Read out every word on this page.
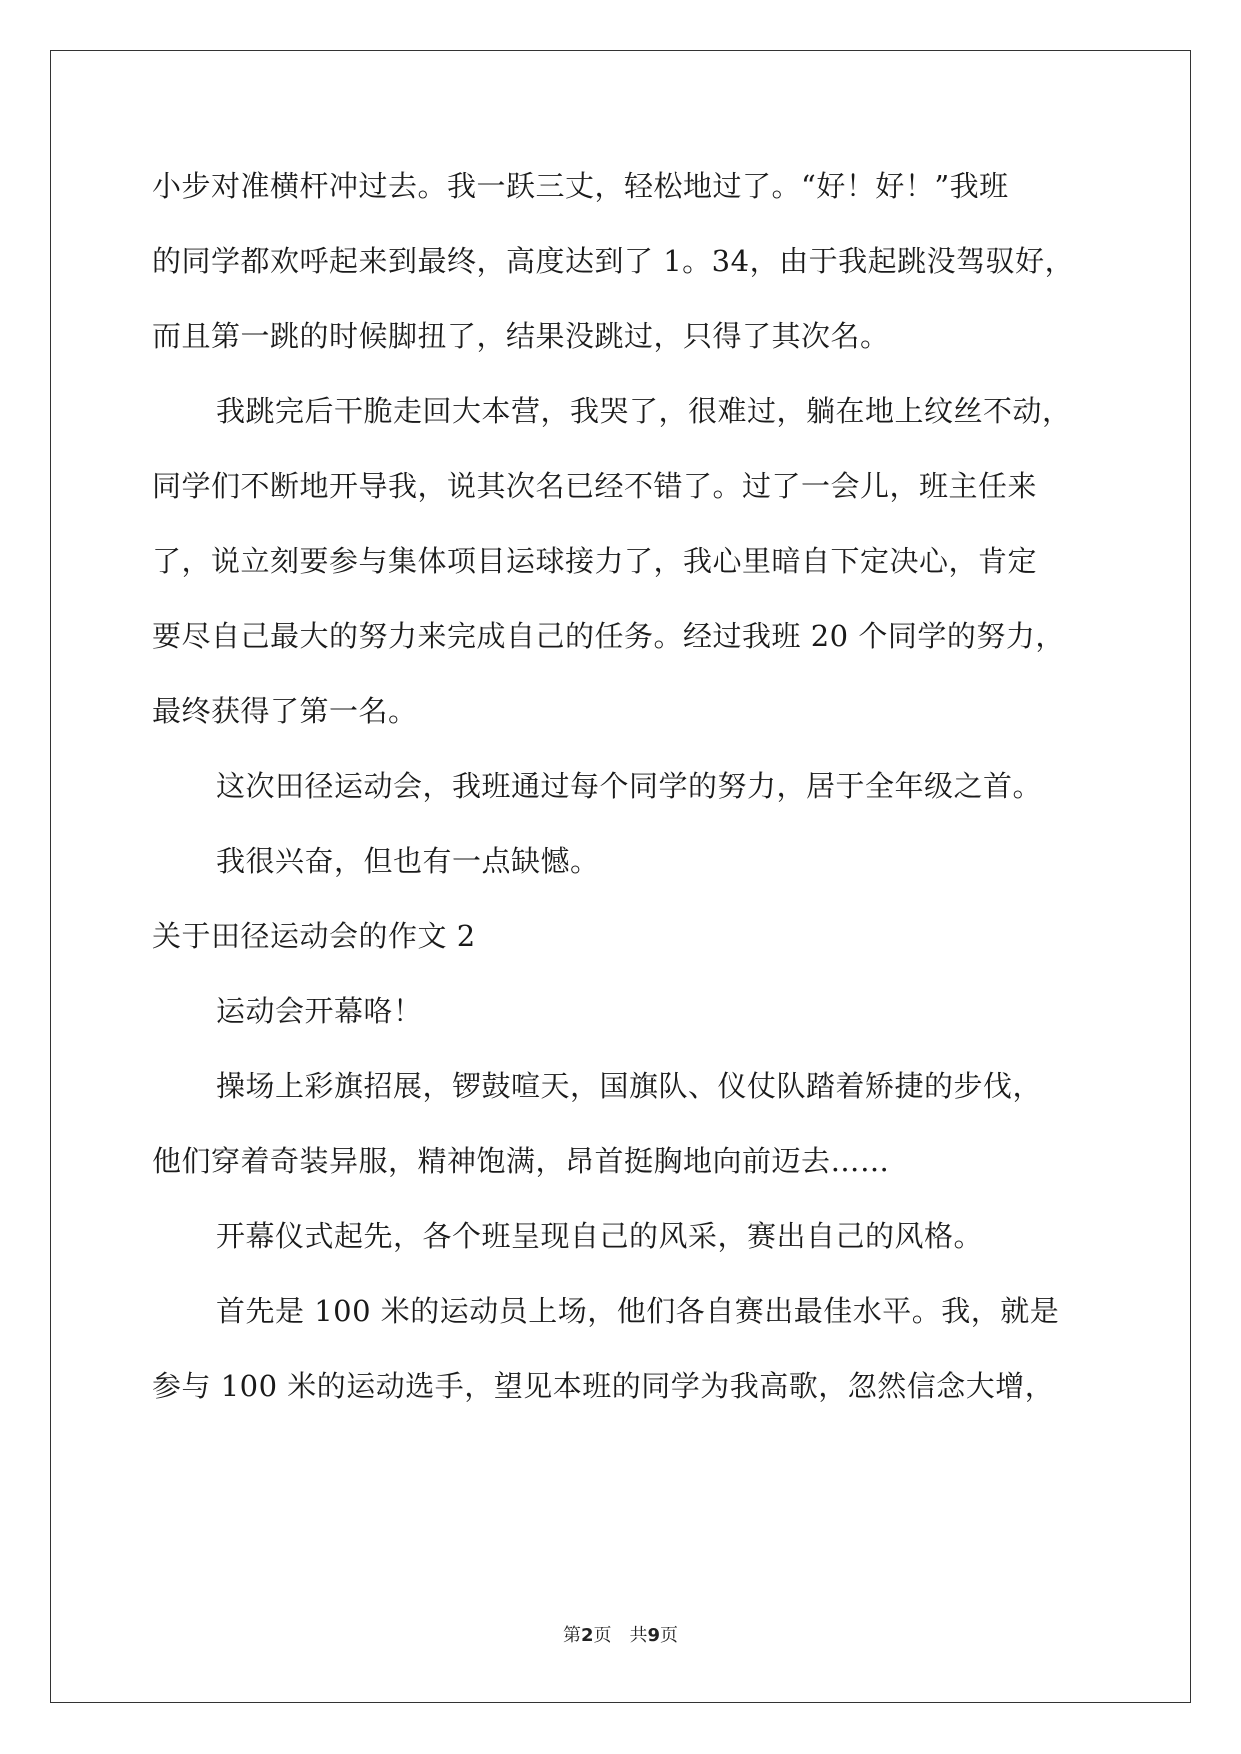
小步对准横杆冲过去。我一跃三丈，轻松地过了。“好！好！”我班
的同学都欢呼起来到最终，高度达到了 1。34，由于我起跳没驾驭好，
而且第一跳的时候脚扭了，结果没跳过，只得了其次名。
我跳完后干脆走回大本营，我哭了，很难过，躺在地上纹丝不动，
同学们不断地开导我，说其次名已经不错了。过了一会儿，班主任来
了，说立刻要参与集体项目运球接力了，我心里暗自下定决心，肯定
要尽自己最大的努力来完成自己的任务。经过我班 20 个同学的努力，
最终获得了第一名。
这次田径运动会，我班通过每个同学的努力，居于全年级之首。
我很兴奋，但也有一点缺憾。
关于田径运动会的作文 2
运动会开幕咯！
操场上彩旗招展，锣鼓喧天，国旗队、仪仗队踏着矫捷的步伐，
他们穿着奇装异服，精神饱满，昂首挺胸地向前迈去……
开幕仪式起先，各个班呈现自己的风采，赛出自己的风格。
首先是 100 米的运动员上场，他们各自赛出最佳水平。我，就是
参与 100 米的运动选手，望见本班的同学为我高歌，忽然信念大增，
第2页　共9页
